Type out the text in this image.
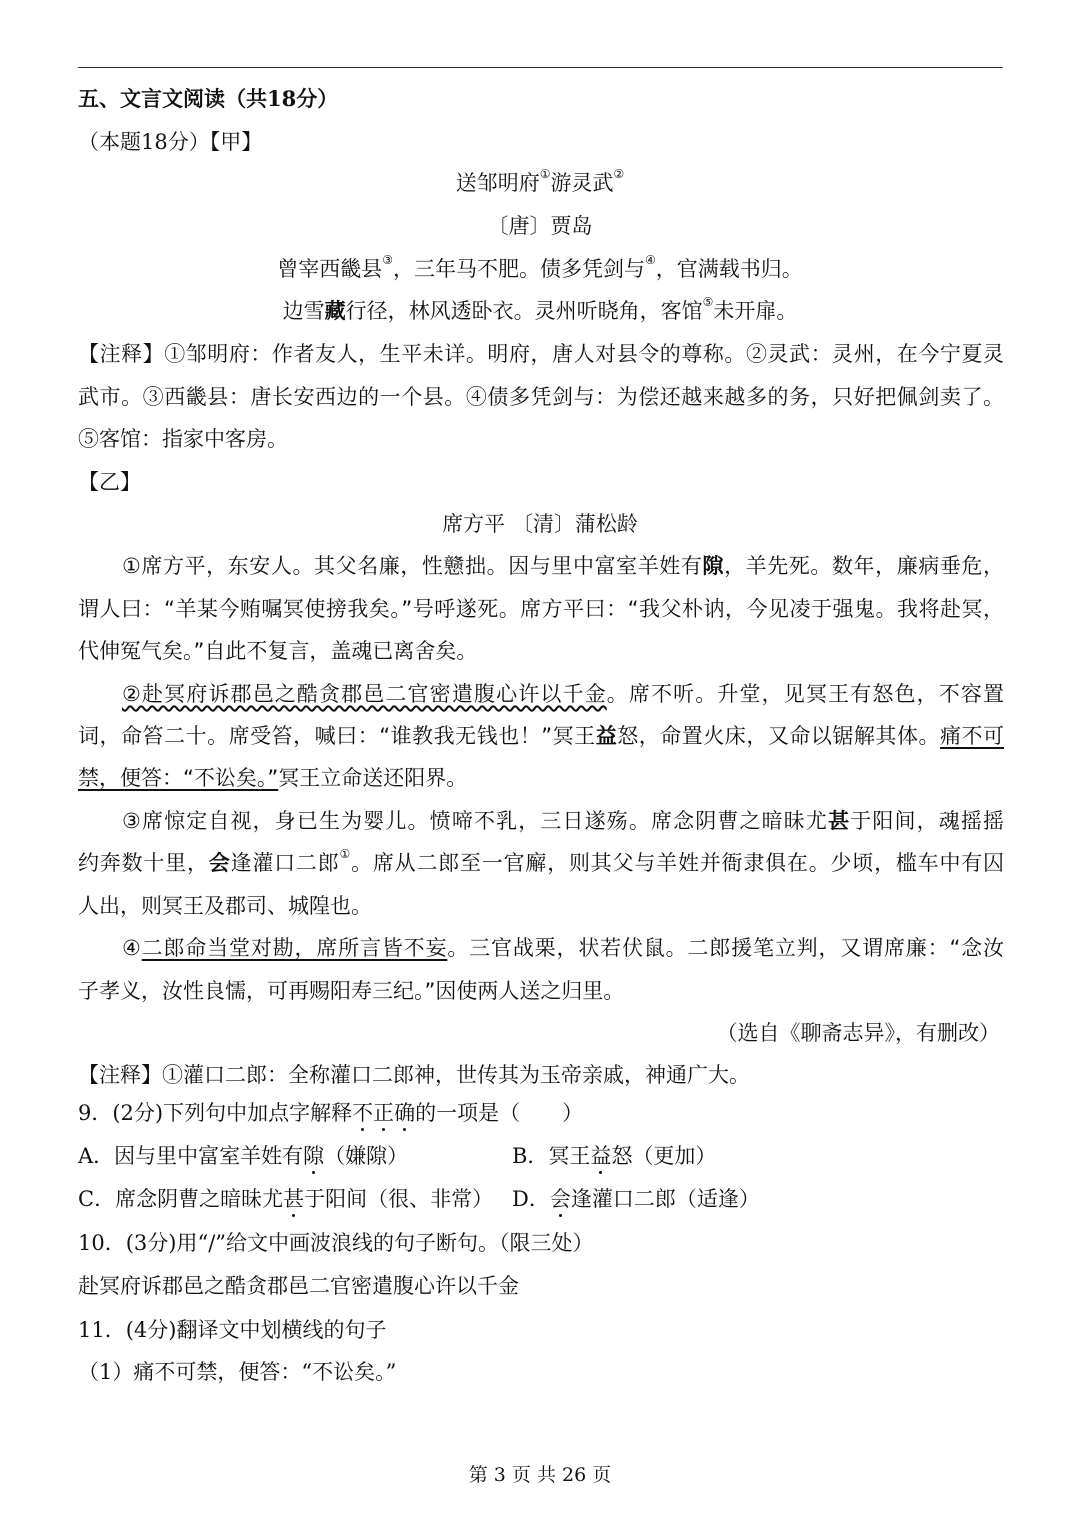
五、文言文阅读（共18分）
（本题18分）【甲】
送邹明府①游灵武②
〔唐〕贾岛
曾宰西畿县③，三年马不肥。债多凭剑与④，官满载书归。
边雪藏行径，林风透卧衣。灵州听晓角，客馆⑤未开扉。
【注释】①邹明府：作者友人，生平未详。明府，唐人对县令的尊称。②灵武：灵州，在今宁夏灵
武市。③西畿县：唐长安西边的一个县。④债多凭剑与：为偿还越来越多的务，只好把佩剑卖了。
⑤客馆：指家中客房。
【乙】
席方平 〔清〕蒲松龄
①席方平，东安人。其父名廉，性戆拙。因与里中富室羊姓有隙，羊先死。数年，廉病垂危，
谓人曰：“羊某今贿嘱冥使搒我矣。”号呼遂死。席方平曰：“我父朴讷，今见凌于强鬼。我将赴冥，
代伸冤气矣。”自此不复言，盖魂已离舍矣。
②赴冥府诉郡邑之酷贪郡邑二官密遣腹心许以千金。席不听。升堂，见冥王有怒色，不容置
词，命笞二十。席受笞，喊曰：“谁教我无钱也！”冥王益怒，命置火床，又命以锯解其体。痛不可
禁，便答：“不讼矣。”冥王立命送还阳界。
③席惊定自视，身已生为婴儿。愤啼不乳，三日遂殇。席念阴曹之暗昧尤甚于阳间，魂摇摇
约奔数十里，会逢灌口二郎①。席从二郎至一官廨，则其父与羊姓并衙隶俱在。少顷，槛车中有囚
人出，则冥王及郡司、城隍也。
④二郎命当堂对勘，席所言皆不妄。三官战栗，状若伏鼠。二郎援笔立判，又谓席廉：“念汝
子孝义，汝性良懦，可再赐阳寿三纪。”因使两人送之归里。
（选自《聊斋志异》，有删改）
【注释】①灌口二郎：全称灌口二郎神，世传其为玉帝亲戚，神通广大。
9．(2分)下列句中加点字解释不正确的一项是（　　）
A．因与里中富室羊姓有隙（嫌隙）	B．冥王益怒（更加）
C．席念阴曹之暗昧尤甚于阳间（很、非常） D．会逢灌口二郎（适逢）
10．(3分)用“/”给文中画波浪线的句子断句。（限三处）
赴冥府诉郡邑之酷贪郡邑二官密遣腹心许以千金
11．(4分)翻译文中划横线的句子
（1）痛不可禁，便答：“不讼矣。”
第 3 页 共 26 页
